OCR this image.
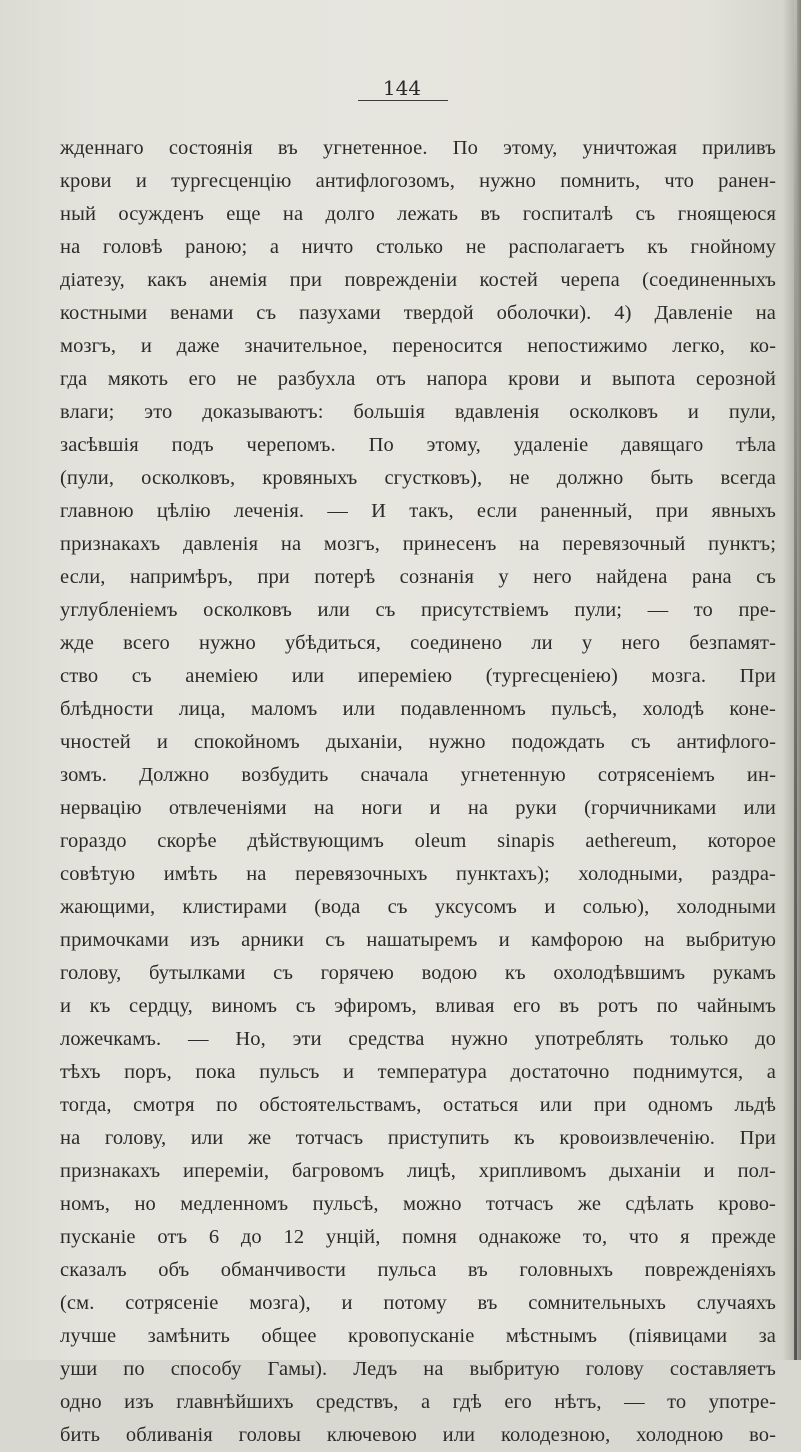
144
жденнаго состоянія въ угнетенное. По этому, уничтожая приливъ
крови и тургесценцію антифлогозомъ, нужно помнить, что ранен-
ный осужденъ еще на долго лежать въ госпиталѣ съ гноящеюся
на головѣ раною; а ничто столько не располагаетъ къ гнойному
діатезу, какъ анемія при поврежденіи костей черепа (соединенныхъ
костными венами съ пазухами твердой оболочки). 4) Давленіе на
мозгъ, и даже значительное, переносится непостижимо легко, ко-
гда мякоть его не разбухла отъ напора крови и выпота серозной
влаги; это доказываютъ: большія вдавленія осколковъ и пули,
засѣвшія подъ черепомъ. По этому, удаленіе давящаго тѣла
(пули, осколковъ, кровяныхъ сгустковъ), не должно быть всегда
главною цѣлію леченія. — И такъ, если раненный, при явныхъ
признакахъ давленія на мозгъ, принесенъ на перевязочный пунктъ;
если, напримѣръ, при потерѣ сознанія у него найдена рана съ
углубленіемъ осколковъ или съ присутствіемъ пули; — то пре-
жде всего нужно убѣдиться, соединено ли у него безпамят-
ство съ анеміею или иперемiею (тургесценіею) мозга. При
блѣдности лица, маломъ или подавленномъ пульсѣ, холодѣ коне-
чностей и спокойномъ дыханіи, нужно подождать съ антифлого-
зомъ. Должно возбудить сначала угнетенную сотрясеніемъ ин-
нервацію отвлеченіями на ноги и на руки (горчичниками или
гораздо скорѣе дѣйствующимъ oleum sinapis aetherеum, которое
совѣтую имѣть на перевязочныхъ пунктахъ); холодными, раздра-
жающими, клистирами (вода съ уксусомъ и солью), холодными
примочками изъ арники съ нашатыремъ и камфорою на выбритую
голову, бутылками съ горячею водою къ охолодѣвшимъ рукамъ
и къ сердцу, виномъ съ эфиромъ, вливая его въ ротъ по чайнымъ
ложечкамъ. — Но, эти средства нужно употреблять только до
тѣхъ поръ, пока пульсъ и температура достаточно поднимутся, а
тогда, смотря по обстоятельствамъ, остаться или при одномъ льдѣ
на голову, или же тотчасъ приступить къ кровоизвлеченію. При
признакахъ иперемiи, багровомъ лицѣ, хрипливомъ дыханіи и пол-
номъ, но медленномъ пульсѣ, можно тотчасъ же сдѣлать крово-
пусканіе отъ 6 до 12 унцій, помня однакоже то, что я прежде
сказалъ объ обманчивости пульса въ головныхъ поврежденіяхъ
(см. сотрясеніе мозга), и потому въ сомнительныхъ случаяхъ
лучше замѣнить общее кровопусканіе мѣстнымъ (піявицами за
уши по способу Гамы). Ледъ на выбритую голову составляетъ
одно изъ главнѣйшихъ средствъ, а гдѣ его нѣтъ, — то употре-
бить обливанія головы ключевою или колодезною, холодною во-
